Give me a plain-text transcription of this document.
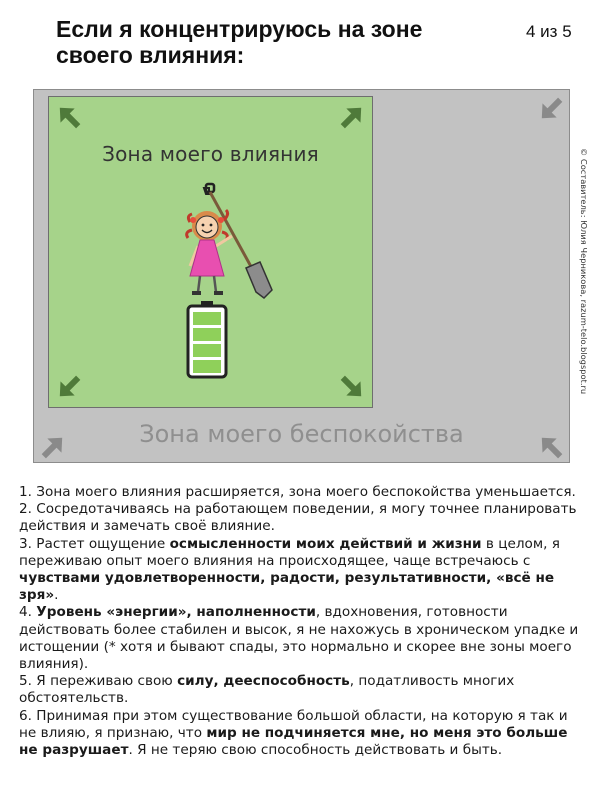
Если я концентрируюсь на зоне своего влияния:
4 из 5
Зона моего влияния
Зона моего беспокойства
© Составитель: Юлия Черникова, razum-telo.blogspot.ru

1. Зона моего влияния расширяется, зона моего беспокойства уменьшается.

2. Сосредотачиваясь на работающем поведении, я могу точнее планировать действия и замечать своё влияние.

3. Растет ощущение осмысленности моих действий и жизни в целом, я переживаю опыт моего влияния на происходящее, чаще встречаюсь с чувствами удовлетворенности, радости, результативности, «всё не зря».

4. Уровень «энергии», наполненности, вдохновения, готовности действовать более стабилен и высок, я не нахожусь в хроническом упадке и истощении (* хотя и бывают спады, это нормально и скорее вне зоны моего влияния).

5. Я переживаю свою силу, дееспособность, податливость многих обстоятельств.

6. Принимая при этом существование большой области, на которую я так и не влияю, я признаю, что мир не подчиняется мне, но меня это больше не разрушает. Я не теряю свою способность действовать и быть.
